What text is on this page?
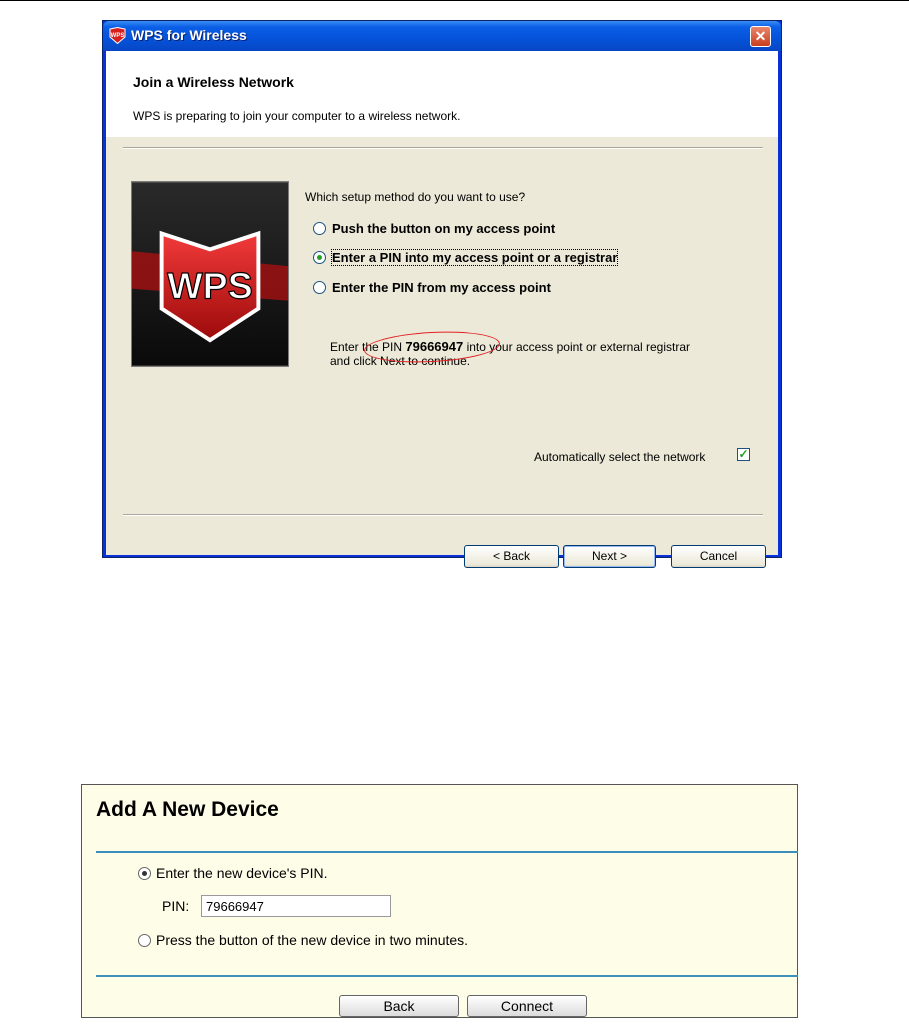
WPS WPS for Wireless	✕
Join a Wireless Network
WPS is preparing to join your computer to a wireless network.
WPS
Which setup method do you want to use?
Push the button on my access point
Enter a PIN into my access point or a registrar
Enter the PIN from my access point
Enter the PIN 79666947 into your access point or external registrar
and click Next to continue.
Automatically select the network	✓
< Back	Next >	Cancel
Add A New Device
Enter the new device's PIN.
PIN:
79666947
Press the button of the new device in two minutes.
Back	Connect
